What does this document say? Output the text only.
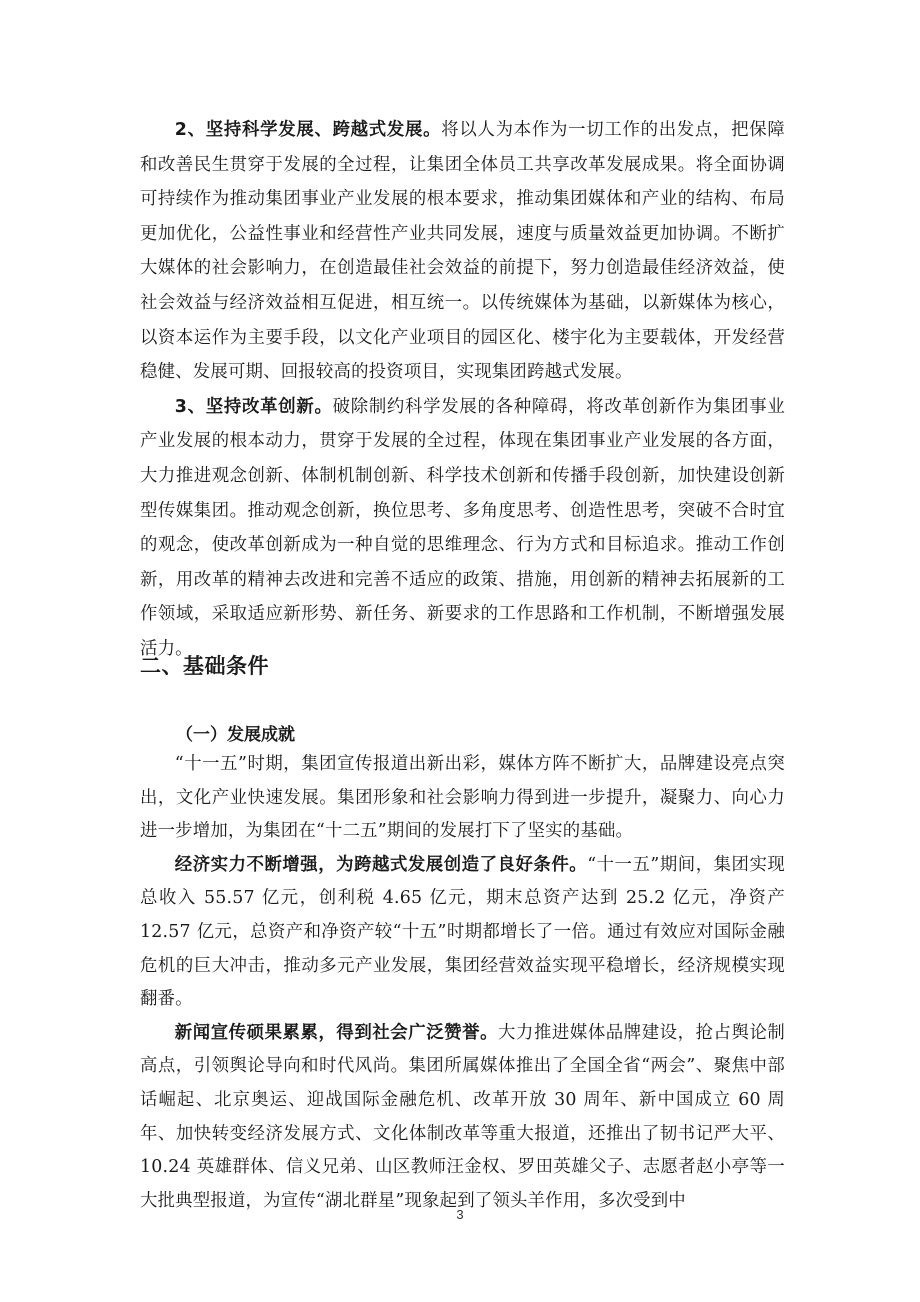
2、坚持科学发展、跨越式发展。将以人为本作为一切工作的出发点，把保障和改善民生贯穿于发展的全过程，让集团全体员工共享改革发展成果。将全面协调可持续作为推动集团事业产业发展的根本要求，推动集团媒体和产业的结构、布局更加优化，公益性事业和经营性产业共同发展，速度与质量效益更加协调。不断扩大媒体的社会影响力，在创造最佳社会效益的前提下，努力创造最佳经济效益，使社会效益与经济效益相互促进，相互统一。以传统媒体为基础，以新媒体为核心，以资本运作为主要手段，以文化产业项目的园区化、楼宇化为主要载体，开发经营稳健、发展可期、回报较高的投资项目，实现集团跨越式发展。

3、坚持改革创新。破除制约科学发展的各种障碍，将改革创新作为集团事业产业发展的根本动力，贯穿于发展的全过程，体现在集团事业产业发展的各方面，大力推进观念创新、体制机制创新、科学技术创新和传播手段创新，加快建设创新型传媒集团。推动观念创新，换位思考、多角度思考、创造性思考，突破不合时宜的观念，使改革创新成为一种自觉的思维理念、行为方式和目标追求。推动工作创新，用改革的精神去改进和完善不适应的政策、措施，用创新的精神去拓展新的工作领域，采取适应新形势、新任务、新要求的工作思路和工作机制，不断增强发展活力。

二、基础条件
（一）发展成就

“十一五”时期，集团宣传报道出新出彩，媒体方阵不断扩大，品牌建设亮点突出，文化产业快速发展。集团形象和社会影响力得到进一步提升，凝聚力、向心力进一步增加，为集团在“十二五”期间的发展打下了坚实的基础。

经济实力不断增强，为跨越式发展创造了良好条件。“十一五”期间，集团实现总收入 55.57 亿元，创利税 4.65 亿元，期末总资产达到 25.2 亿元，净资产12.57 亿元，总资产和净资产较“十五”时期都增长了一倍。通过有效应对国际金融危机的巨大冲击，推动多元产业发展，集团经营效益实现平稳增长，经济规模实现翻番。

新闻宣传硕果累累，得到社会广泛赞誉。大力推进媒体品牌建设，抢占舆论制高点，引领舆论导向和时代风尚。集团所属媒体推出了全国全省“两会”、聚焦中部话崛起、北京奥运、迎战国际金融危机、改革开放 30 周年、新中国成立 60 周年、加快转变经济发展方式、文化体制改革等重大报道，还推出了韧书记严大平、10.24 英雄群体、信义兄弟、山区教师汪金权、罗田英雄父子、志愿者赵小亭等一大批典型报道，为宣传“湖北群星”现象起到了领头羊作用，多次受到中

3
